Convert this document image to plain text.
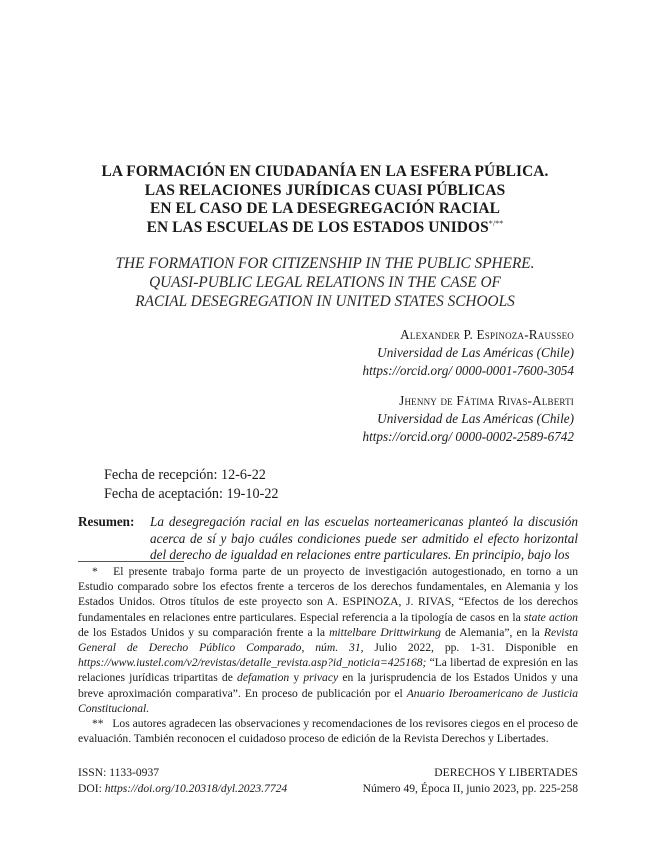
LA FORMACIÓN EN CIUDADANÍA EN LA ESFERA PÚBLICA.
LAS RELACIONES JURÍDICAS CUASI PÚBLICAS
EN EL CASO DE LA DESEGREGACIÓN RACIAL
EN LAS ESCUELAS DE LOS ESTADOS UNIDOS*/**
THE FORMATION FOR CITIZENSHIP IN THE PUBLIC SPHERE.
QUASI-PUBLIC LEGAL RELATIONS IN THE CASE OF
RACIAL DESEGREGATION IN UNITED STATES SCHOOLS
Alexander P. Espinoza-Rausseo
Universidad de Las Américas (Chile)
https://orcid.org/ 0000-0001-7600-3054
Jhenny de Fátima Rivas-Alberti
Universidad de Las Américas (Chile)
https://orcid.org/ 0000-0002-2589-6742
Fecha de recepción: 12-6-22
Fecha de aceptación: 19-10-22
Resumen: La desegregación racial en las escuelas norteamericanas planteó la discusión acerca de sí y bajo cuáles condiciones puede ser admitido el efecto horizontal del derecho de igualdad en relaciones entre particulares. En principio, bajo los

* El presente trabajo forma parte de un proyecto de investigación autogestionado, en torno a un Estudio comparado sobre los efectos frente a terceros de los derechos fundamentales, en Alemania y los Estados Unidos. Otros títulos de este proyecto son A. ESPINOZA, J. RIVAS, “Efectos de los derechos fundamentales en relaciones entre particulares. Especial referencia a la tipología de casos en la state action de los Estados Unidos y su comparación frente a la mittelbare Drittwirkung de Alemania”, en la Revista General de Derecho Público Comparado, núm. 31, Julio 2022, pp. 1-31. Disponible en https://www.iustel.com/v2/revistas/detalle_revista.asp?id_noticia=425168; “La libertad de expresión en las relaciones jurídicas tripartitas de defamation y privacy en la jurisprudencia de los Estados Unidos y una breve aproximación comparativa”. En proceso de publicación por el Anuario Iberoamericano de Justicia Constitucional.

** Los autores agradecen las observaciones y recomendaciones de los revisores ciegos en el proceso de evaluación. También reconocen el cuidadoso proceso de edición de la Revista Derechos y Libertades.

ISSN: 1133-0937
DOI: https://doi.org/10.20318/dyl.2023.7724
DERECHOS Y LIBERTADES
Número 49, Época II, junio 2023, pp. 225-258
